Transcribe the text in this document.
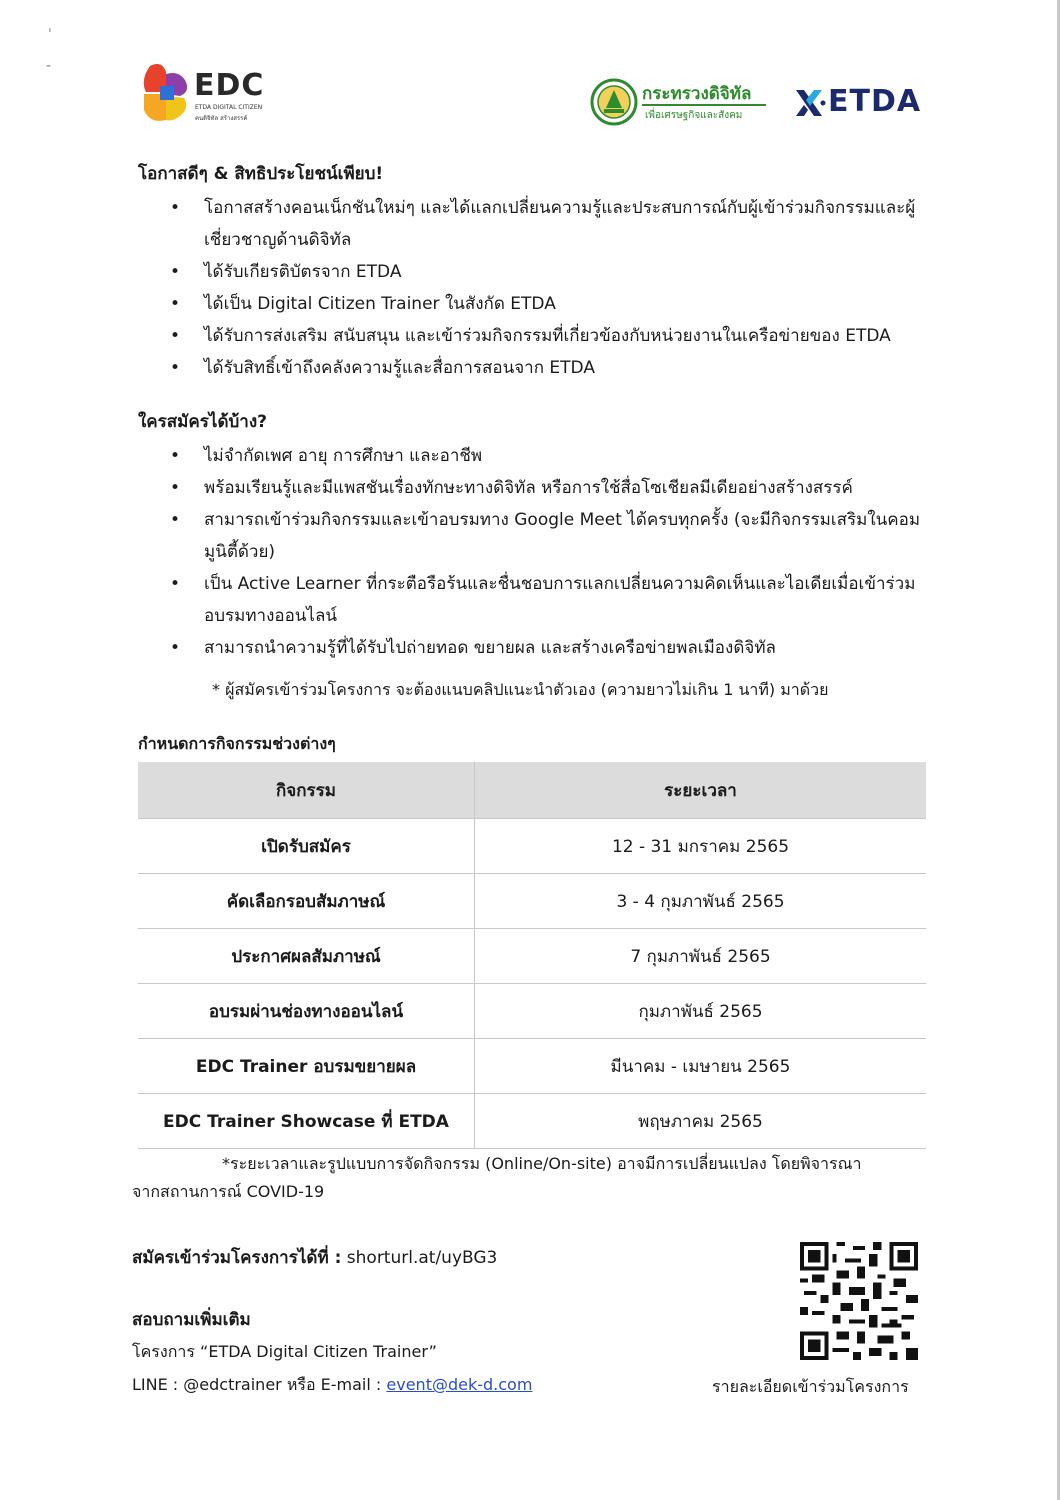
ˌ
-
EDC
ETDA DIGITAL CITIZEN
คนดิจิทัล สร้างสรรค์
กระทรวงดิจิทัล
เพื่อเศรษฐกิจและสังคม	ETDA
โอกาสดีๆ & สิทธิประโยชน์เพียบ!
• โอกาสสร้างคอนเน็กชันใหม่ๆ และได้แลกเปลี่ยนความรู้และประสบการณ์กับผู้เข้าร่วมกิจกรรมและผู้เชี่ยวชาญด้านดิจิทัล
• ได้รับเกียรติบัตรจาก ETDA
• ได้เป็น Digital Citizen Trainer ในสังกัด ETDA
• ได้รับการส่งเสริม สนับสนุน และเข้าร่วมกิจกรรมที่เกี่ยวข้องกับหน่วยงานในเครือข่ายของ ETDA
• ได้รับสิทธิ์เข้าถึงคลังความรู้และสื่อการสอนจาก ETDA
ใครสมัครได้บ้าง?
• ไม่จำกัดเพศ อายุ การศึกษา และอาชีพ
• พร้อมเรียนรู้และมีแพสชันเรื่องทักษะทางดิจิทัล หรือการใช้สื่อโซเชียลมีเดียอย่างสร้างสรรค์
• สามารถเข้าร่วมกิจกรรมและเข้าอบรมทาง Google Meet ได้ครบทุกครั้ง (จะมีกิจกรรมเสริมในคอมมูนิตี้ด้วย)
• เป็น Active Learner ที่กระตือรือร้นและชื่นชอบการแลกเปลี่ยนความคิดเห็นและไอเดียเมื่อเข้าร่วมอบรมทางออนไลน์
• สามารถนำความรู้ที่ได้รับไปถ่ายทอด ขยายผล และสร้างเครือข่ายพลเมืองดิจิทัล
* ผู้สมัครเข้าร่วมโครงการ จะต้องแนบคลิปแนะนำตัวเอง (ความยาวไม่เกิน 1 นาที) มาด้วย
กำหนดการกิจกรรมช่วงต่างๆ
กิจกรรม	ระยะเวลา
เปิดรับสมัคร	12 - 31 มกราคม 2565
คัดเลือกรอบสัมภาษณ์	3 - 4 กุมภาพันธ์ 2565
ประกาศผลสัมภาษณ์	7 กุมภาพันธ์ 2565
อบรมผ่านช่องทางออนไลน์	กุมภาพันธ์ 2565
EDC Trainer อบรมขยายผล	มีนาคม - เมษายน 2565
EDC Trainer Showcase ที่ ETDA	พฤษภาคม 2565
*ระยะเวลาและรูปแบบการจัดกิจกรรม (Online/On-site) อาจมีการเปลี่ยนแปลง โดยพิจารณา
จากสถานการณ์ COVID-19
สมัครเข้าร่วมโครงการได้ที่ : shorturl.at/uyBG3
สอบถามเพิ่มเติม
โครงการ “ETDA Digital Citizen Trainer”
LINE : @edctrainer หรือ E-mail : event@dek-d.com	รายละเอียดเข้าร่วมโครงการ
